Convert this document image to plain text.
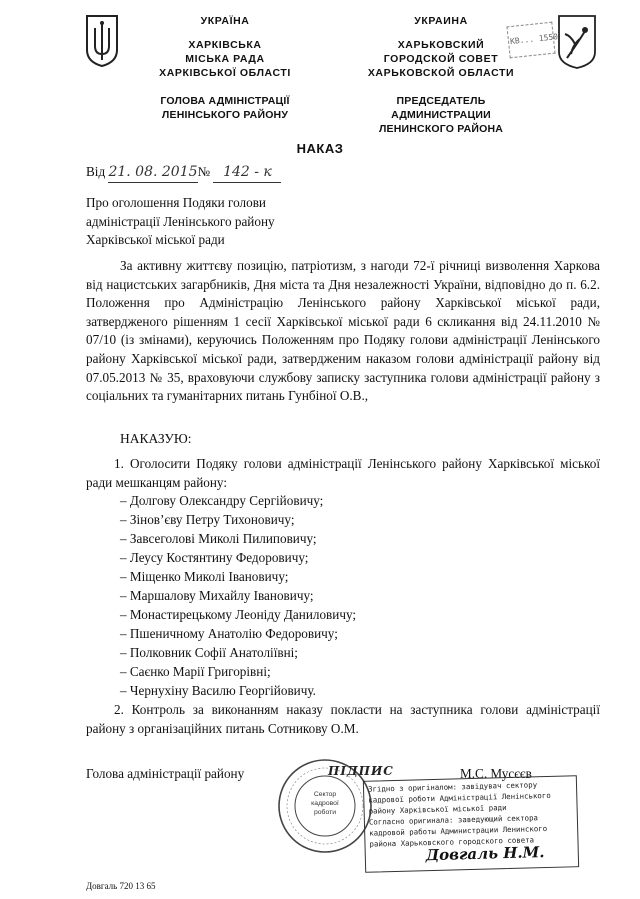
УКРАЇНА
ХАРКІВСЬКА
МІСЬКА РАДА
ХАРКІВСЬКОЇ ОБЛАСТІ
ГОЛОВА АДМІНІСТРАЦІЇ
ЛЕНІНСЬКОГО РАЙОНУ
УКРАИНА
ХАРЬКОВСКИЙ
ГОРОДСКОЙ СОВЕТ
ХАРЬКОВСКОЙ ОБЛАСТИ
ПРЕДСЕДАТЕЛЬ АДМИНИСТРАЦИИ
ЛЕНИНСКОГО РАЙОНА
КВ... 1550
НАКАЗ
Від 21. 08. 2015№ 142 - к
Про оголошення Подяки голови
адміністрації Ленінського району
Харківської міської ради
За активну життєву позицію, патріотизм, з нагоди 72-ї річниці визволення Харкова від нацистських загарбників, Дня міста та Дня незалежності України, відповідно до п. 6.2. Положення про Адміністрацію Ленінського району Харківської міської ради, затвердженого рішенням 1 сесії Харківської міської ради 6 скликання від 24.11.2010 № 07/10 (із змінами), керуючись Положенням про Подяку голови адміністрації Ленінського району Харківської міської ради, затвердженим наказом голови адміністрації району від 07.05.2013 № 35, враховуючи службову записку заступника голови адміністрації району з соціальних та гуманітарних питань Гунбіної О.В.,
НАКАЗУЮ:
1. Оголосити Подяку голови адміністрації Ленінського району Харківської міської ради мешканцям району:
– Долгову Олександру Сергійовичу;
– Зінов’єву Петру Тихоновичу;
– Завсеголові Миколі Пилиповичу;
– Леусу Костянтину Федоровичу;
– Міщенко Миколі Івановичу;
– Маршалову Михайлу Івановичу;
– Монастирецькому Леоніду Даниловичу;
– Пшеничному Анатолію Федоровичу;
– Полковник Софії Анатоліївні;
– Саєнко Марії Григорівні;
– Чернухіну Василю Георгійовичу.
2. Контроль за виконанням наказу покласти на заступника голови адміністрації району з організаційних питань Сотникову О.М.
Голова адміністрації району	М.С. Мусєєв
Сектор
кадрової
роботи
ПІДПИС
Згідно з оригіналом: завідувач сектору
кадрової роботи Адміністрації Ленінського
району Харківської міської ради
Согласно оригинала: заведующий сектора
кадровой работы Администрации Ленинского
района Харьковского городского совета
Довгаль Н.М.
Довгаль 720 13 65
